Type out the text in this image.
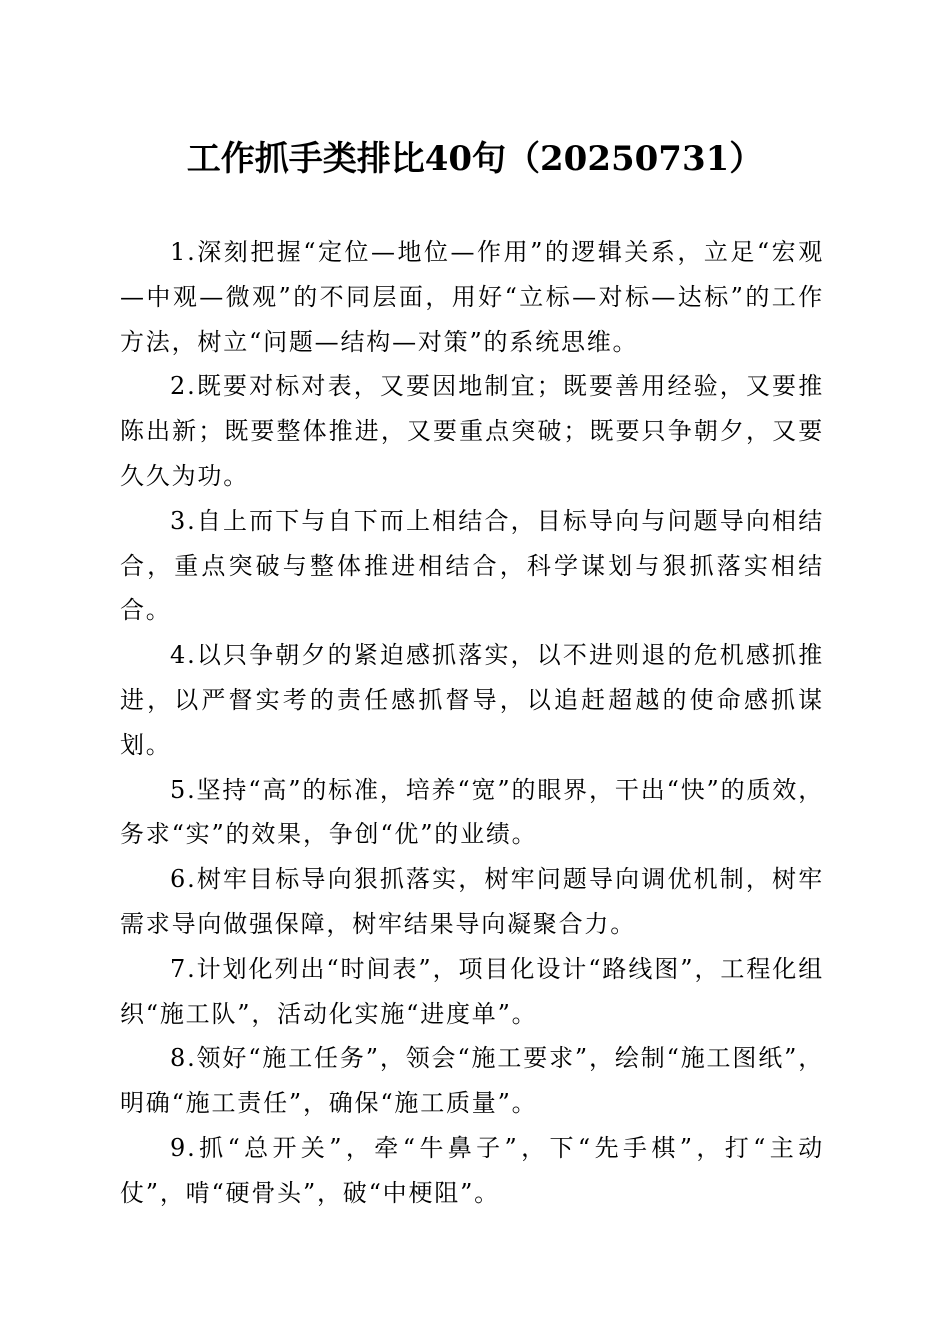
工作抓手类排比40句（20250731）

1.深刻把握“定位—地位—作用”的逻辑关系，立足“宏观—中观—微观”的不同层面，用好“立标—对标—达标”的工作方法，树立“问题—结构—对策”的系统思维。

2.既要对标对表，又要因地制宜；既要善用经验，又要推陈出新；既要整体推进，又要重点突破；既要只争朝夕，又要久久为功。

3.自上而下与自下而上相结合，目标导向与问题导向相结合，重点突破与整体推进相结合，科学谋划与狠抓落实相结合。

4.以只争朝夕的紧迫感抓落实，以不进则退的危机感抓推进，以严督实考的责任感抓督导，以追赶超越的使命感抓谋划。

5.坚持“高”的标准，培养“宽”的眼界，干出“快”的质效，务求“实”的效果，争创“优”的业绩。

6.树牢目标导向狠抓落实，树牢问题导向调优机制，树牢需求导向做强保障，树牢结果导向凝聚合力。

7.计划化列出“时间表”，项目化设计“路线图”，工程化组织“施工队”，活动化实施“进度单”。

8.领好“施工任务”，领会“施工要求”，绘制“施工图纸”，明确“施工责任”，确保“施工质量”。

9.抓“总开关”，牵“牛鼻子”，下“先手棋”，打“主动仗”，啃“硬骨头”，破“中梗阻”。
